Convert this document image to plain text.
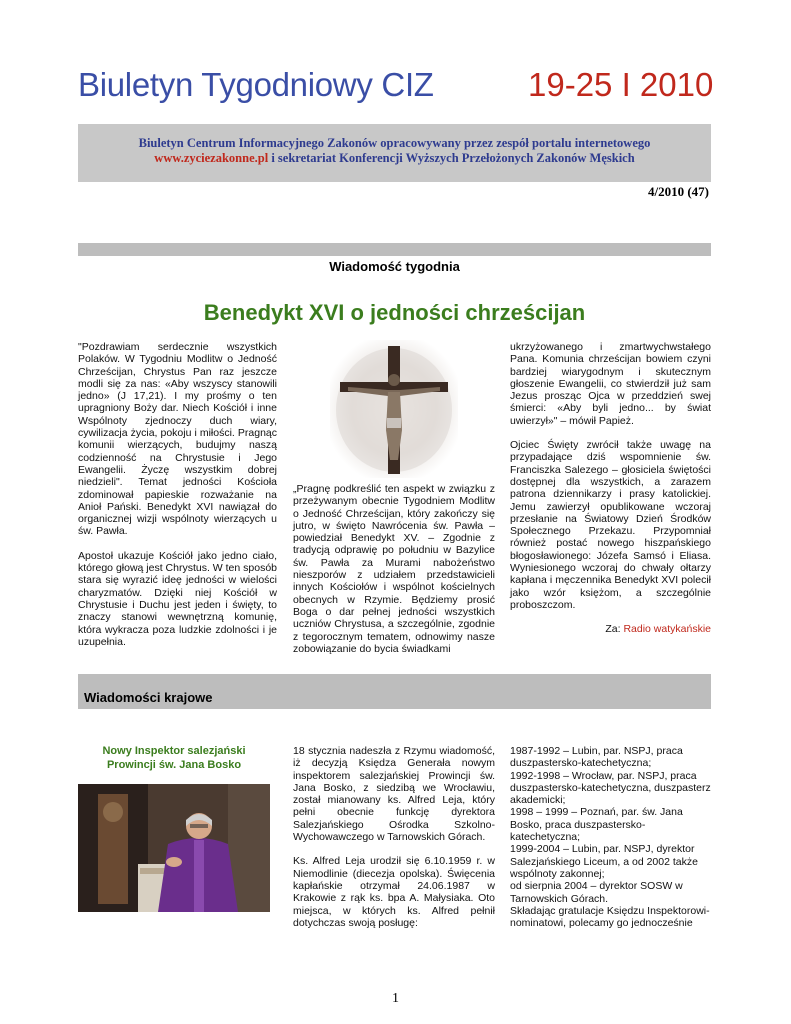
Biuletyn Tygodniowy CIZ	19-25 I 2010
Biuletyn Centrum Informacyjnego Zakonów opracowywany przez zespół portalu internetowego
www.zyciezakonne.pl i sekretariat Konferencji Wyższych Przełożonych Zakonów Męskich
4/2010 (47)
Wiadomość tygodnia
Benedykt XVI o jedności chrześcijan

"Pozdrawiam serdecznie wszystkich Polaków. W Tygodniu Modlitw o Jedność Chrześcijan, Chrystus Pan raz jeszcze modli się za nas: «Aby wszyscy stanowili jedno» (J 17,21). I my prośmy o ten upragniony Boży dar. Niech Kościół i inne Wspólnoty zjednoczy duch wiary, cywilizacja życia, pokoju i miłości. Pragnąc komunii wierzących, budujmy naszą codzienność na Chrystusie i Jego Ewangelii. Życzę wszystkim dobrej niedzieli". Temat jedności Kościoła zdominował papieskie rozważanie na Anioł Pański. Benedykt XVI nawiązał do organicznej wizji wspólnoty wierzących u św. Pawła.

Apostoł ukazuje Kościół jako jedno ciało, którego głową jest Chrystus. W ten sposób stara się wyrazić ideę jedności w wielości charyzmatów. Dzięki niej Kościół w Chrystusie i Duchu jest jeden i święty, to znaczy stanowi wewnętrzną komunię, która wykracza poza ludzkie zdolności i je uzupełnia.

„Pragnę podkreślić ten aspekt w związku z przeżywanym obecnie Tygodniem Modlitw o Jedność Chrześcijan, który zakończy się jutro, w święto Nawrócenia św. Pawła – powiedział Benedykt XV. – Zgodnie z tradycją odprawię po południu w Bazylice św. Pawła za Murami nabożeństwo nieszporów z udziałem przedstawicieli innych Kościołów i wspólnot kościelnych obecnych w Rzymie. Będziemy prosić Boga o dar pełnej jedności wszystkich uczniów Chrystusa, a szczególnie, zgodnie z tegorocznym tematem, odnowimy nasze zobowiązanie do bycia świadkami

ukrzyżowanego i zmartwychwstałego Pana. Komunia chrześcijan bowiem czyni bardziej wiarygodnym i skutecznym głoszenie Ewangelii, co stwierdził już sam Jezus prosząc Ojca w przeddzień swej śmierci: «Aby byli jedno... by świat uwierzył»" – mówił Papież.

Ojciec Święty zwrócił także uwagę na przypadające dziś wspomnienie św. Franciszka Salezego – głosiciela świętości dostępnej dla wszystkich, a zarazem patrona dziennikarzy i prasy katolickiej. Jemu zawierzył opublikowane wczoraj przesłanie na Światowy Dzień Środków Społecznego Przekazu. Przypomniał również postać nowego hiszpańskiego błogosławionego: Józefa Samsó i Eliasa. Wyniesionego wczoraj do chwały ołtarzy kapłana i męczennika Benedykt XVI polecił jako wzór księżom, a szczególnie proboszczom.

Za: Radio watykańskie

Wiadomości krajowe
Nowy Inspektor salezjański Prowincji św. Jana Bosko

18 stycznia nadeszła z Rzymu wiadomość, iż decyzją Księdza Generała nowym inspektorem salezjańskiej Prowincji św. Jana Bosko, z siedzibą we Wrocławiu, został mianowany ks. Alfred Leja, który pełni obecnie funkcję dyrektora Salezjańskiego Ośrodka Szkolno-Wychowawczego w Tarnowskich Górach.

Ks. Alfred Leja urodził się 6.10.1959 r. w Niemodlinie (diecezja opolska). Święcenia kapłańskie otrzymał 24.06.1987 w Krakowie z rąk ks. bpa A. Małysiaka. Oto miejsca, w których ks. Alfred pełnił dotychczas swoją posługę:

1987-1992 – Lubin, par. NSPJ, praca duszpastersko-katechetyczna;
1992-1998 – Wrocław, par. NSPJ, praca duszpastersko-katechetyczna, duszpasterz akademicki;
1998 – 1999 – Poznań, par. św. Jana Bosko, praca duszpastersko-katechetyczna;
1999-2004 – Lubin, par. NSPJ, dyrektor Salezjańskiego Liceum, a od 2002 także wspólnoty zakonnej;
od sierpnia 2004 – dyrektor SOSW w Tarnowskich Górach.
Składając gratulacje Księdzu Inspektorowi-nominatowi, polecamy go jednocześnie
1
